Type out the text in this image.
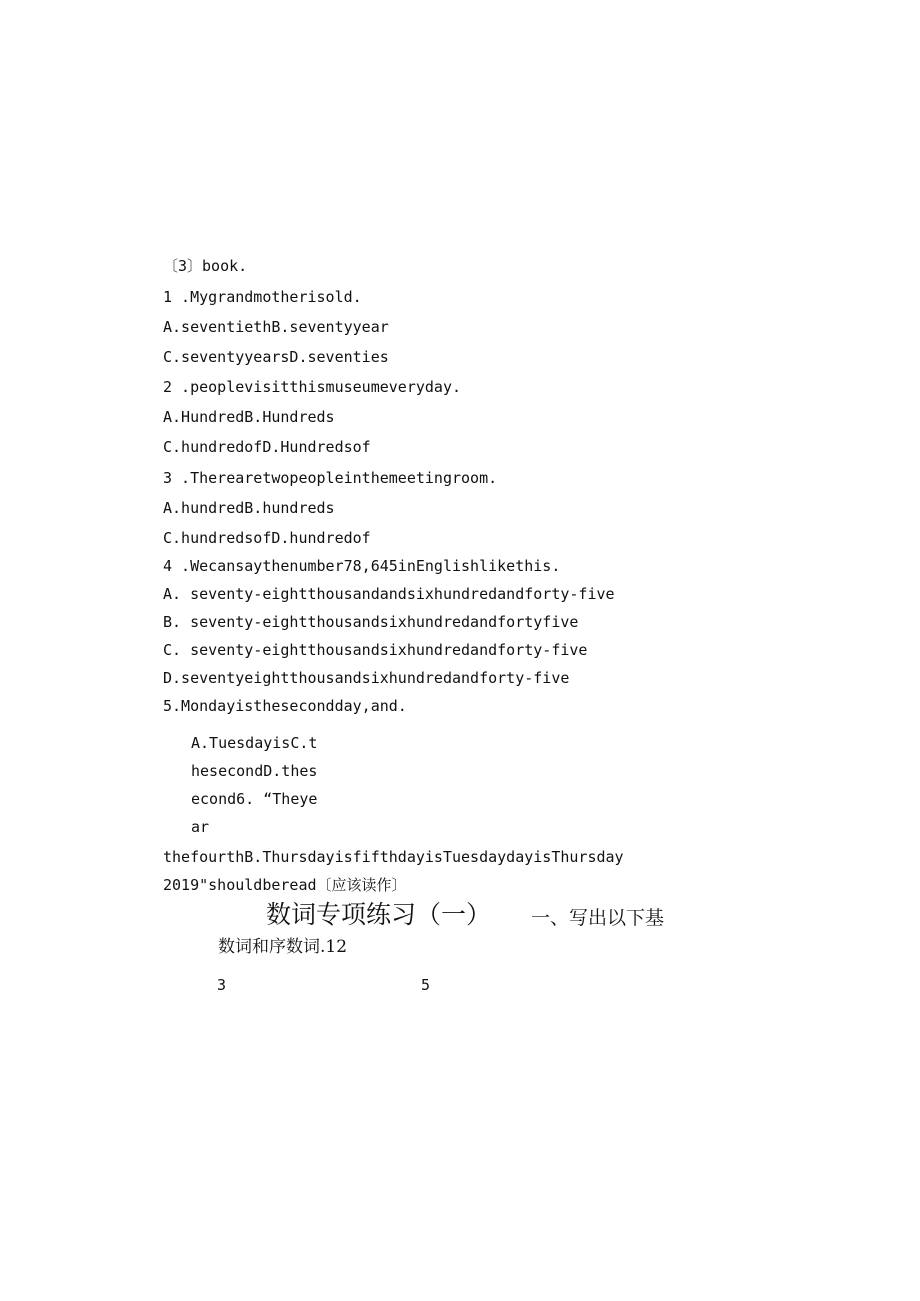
〔3〕book.
1 .Mygrandmotherisold.
A.seventiethB.seventyyear
C.seventyyearsD.seventies
2 .peoplevisitthismuseumeveryday.
A.HundredB.Hundreds
C.hundredofD.Hundredsof
3 .Therearetwopeopleinthemeetingroom.
A.hundredB.hundreds
C.hundredsofD.hundredof
4 .Wecansaythenumber78,645inEnglishlikethis.
A. seventy-eightthousandandsixhundredandforty-five
B. seventy-eightthousandsixhundredandfortyfive
C. seventy-eightthousandsixhundredandforty-five
D.seventyeightthousandsixhundredandforty-five
5.Mondayisthesecondday,and.
A.TuesdayisC.t
hesecondD.thes
econd6. “Theye
ar
thefourthB.ThursdayisfifthdayisTuesdaydayisThursday
2019"shouldberead〔应该读作〕
数词专项练习（一） 一、写出以下基
数词和序数词.12
3	5
